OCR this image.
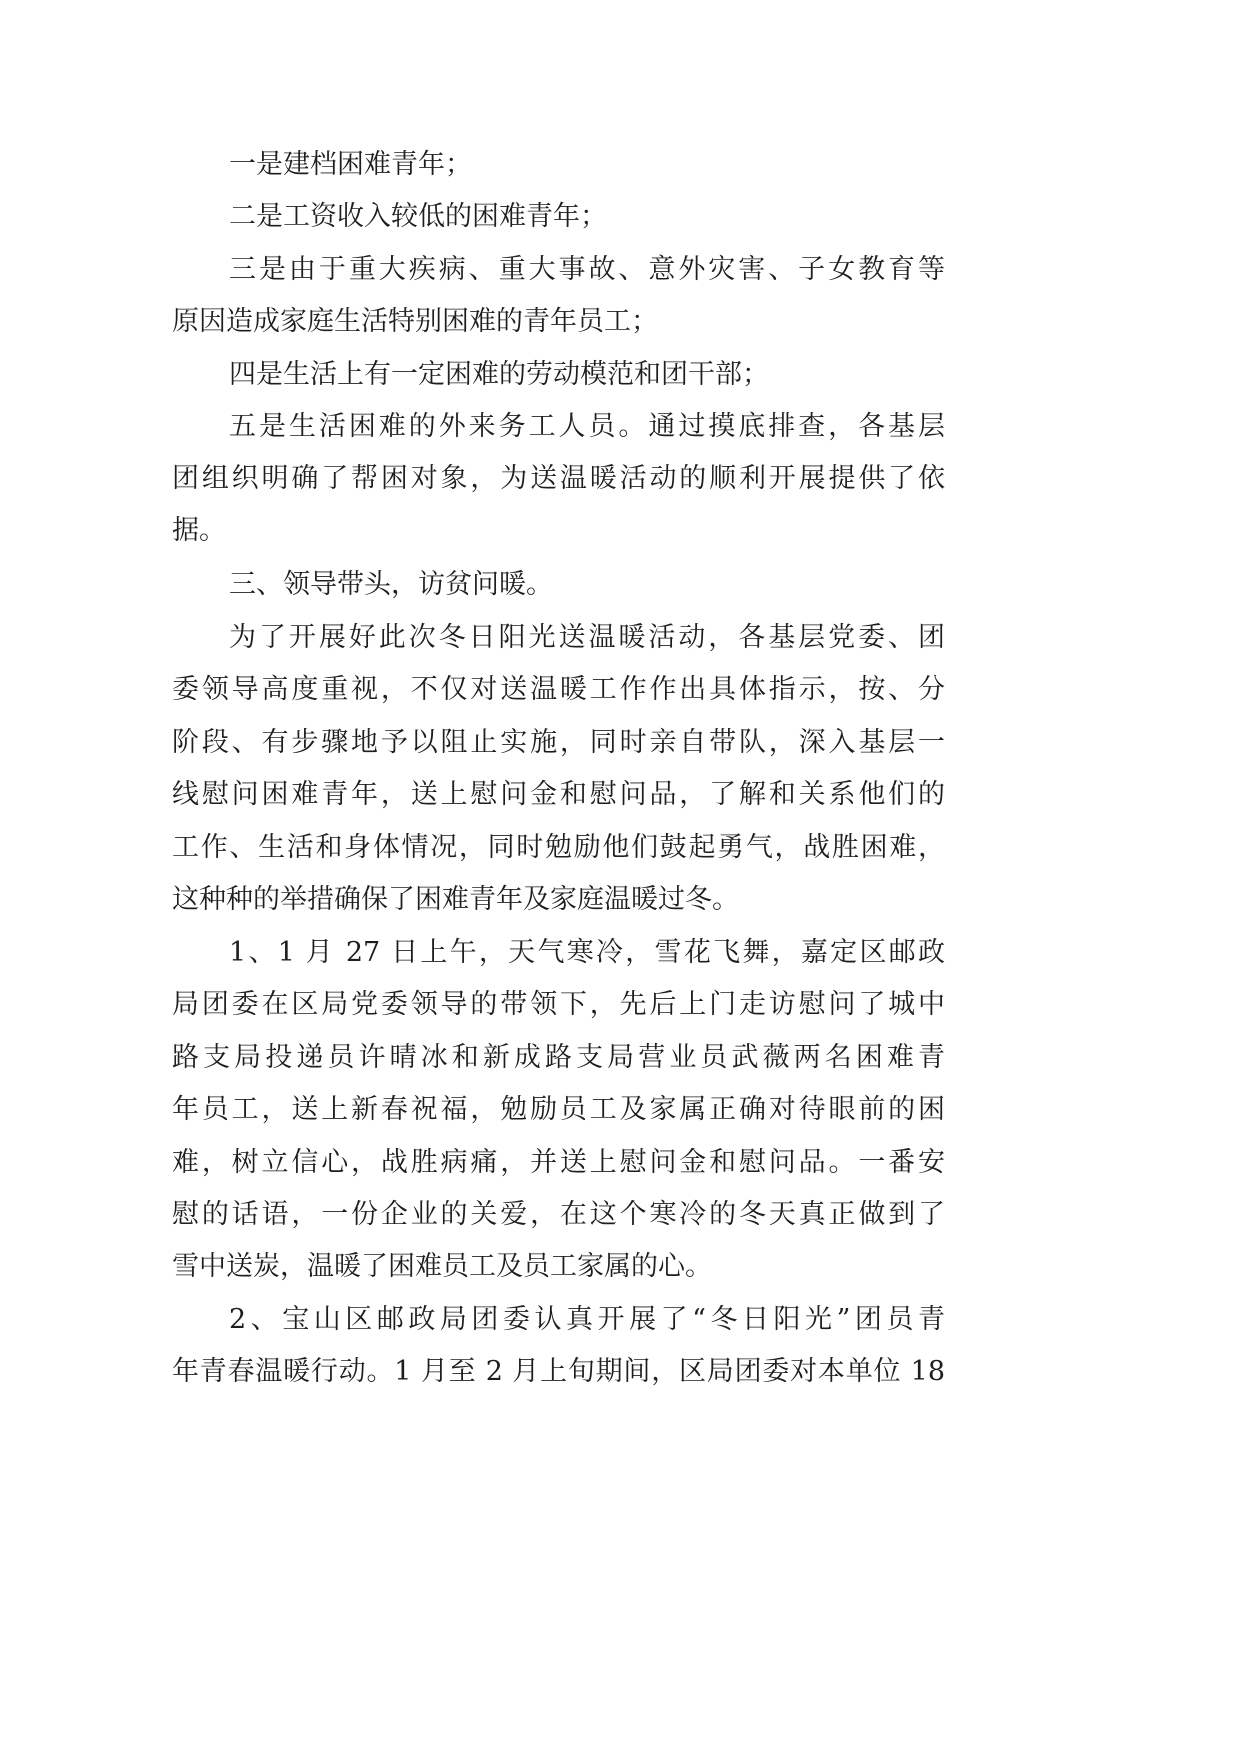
一是建档困难青年；
二是工资收入较低的困难青年；
三是由于重大疾病、重大事故、意外灾害、子女教育等
原因造成家庭生活特别困难的青年员工；
四是生活上有一定困难的劳动模范和团干部；
五是生活困难的外来务工人员。通过摸底排查，各基层
团组织明确了帮困对象，为送温暖活动的顺利开展提供了依
据。
三、领导带头，访贫问暖。
为了开展好此次冬日阳光送温暖活动，各基层党委、团
委领导高度重视，不仅对送温暖工作作出具体指示，按、分
阶段、有步骤地予以阻止实施，同时亲自带队，深入基层一
线慰问困难青年，送上慰问金和慰问品，了解和关系他们的
工作、生活和身体情况，同时勉励他们鼓起勇气，战胜困难，
这种种的举措确保了困难青年及家庭温暖过冬。
1、1 月 27 日上午，天气寒冷，雪花飞舞，嘉定区邮政
局团委在区局党委领导的带领下，先后上门走访慰问了城中
路支局投递员许晴冰和新成路支局营业员武薇两名困难青
年员工，送上新春祝福，勉励员工及家属正确对待眼前的困
难，树立信心，战胜病痛，并送上慰问金和慰问品。一番安
慰的话语，一份企业的关爱，在这个寒冷的冬天真正做到了
雪中送炭，温暖了困难员工及员工家属的心。
2、宝山区邮政局团委认真开展了“冬日阳光”团员青
年青春温暖行动。1 月至 2 月上旬期间，区局团委对本单位 18
